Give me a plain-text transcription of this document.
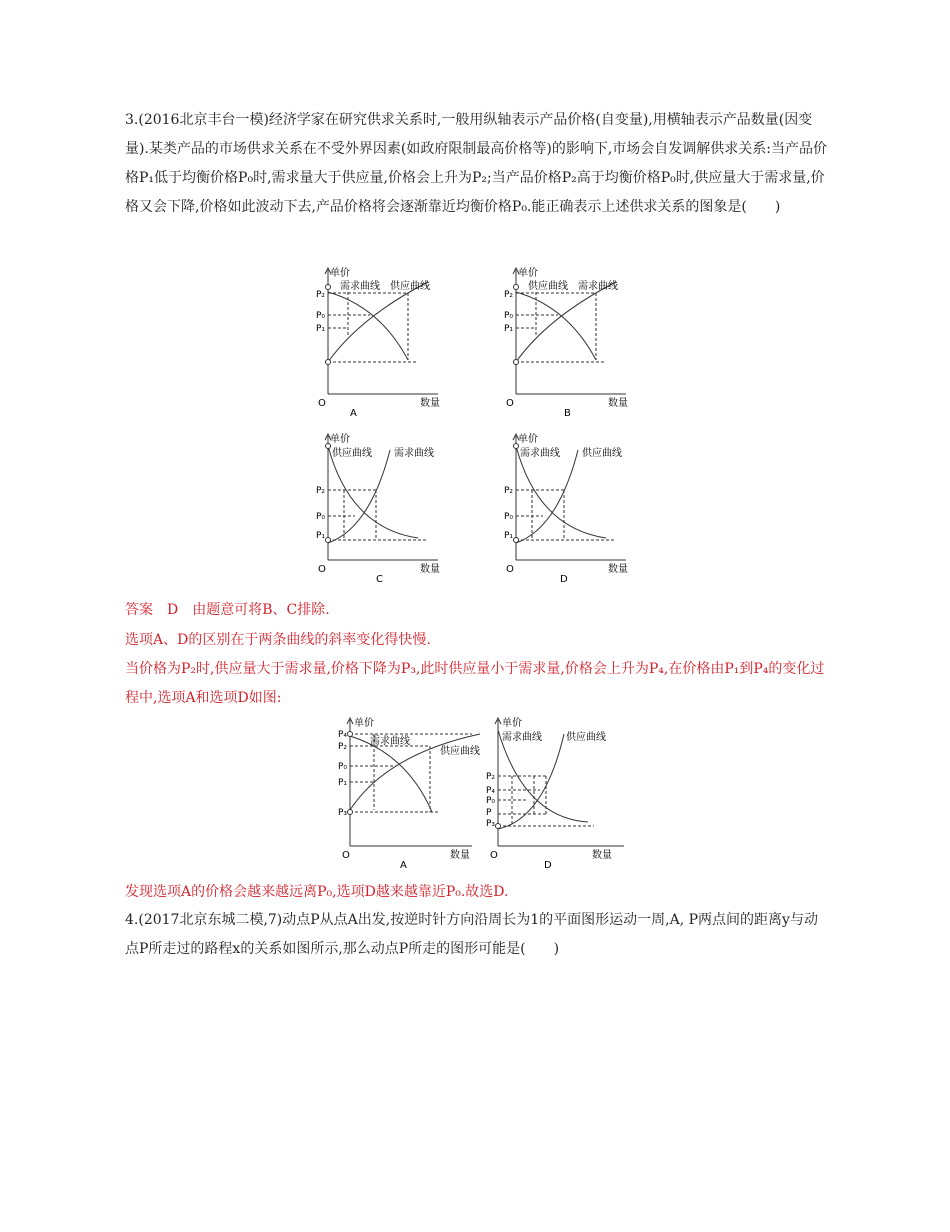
3.(2016北京丰台一模)经济学家在研究供求关系时,一般用纵轴表示产品价格(自变量),用横轴表示产品数量(因变量).某类产品的市场供求关系在不受外界因素(如政府限制最高价格等)的影响下,市场会自发调解供求关系:当产品价格P₁低于均衡价格P₀时,需求量大于供应量,价格会上升为P₂;当产品价格P₂高于均衡价格P₀时,供应量大于需求量,价格又会下降,价格如此波动下去,产品价格将会逐渐靠近均衡价格P₀.能正确表示上述供求关系的图象是(　　)
单价
需求曲线 供应曲线
P₂
P₀
P₁
O	数量
A
单价
供应曲线 需求曲线
P₂
P₀
P₁
O	数量
B
单价
供应曲线 需求曲线
P₂
P₀
P₁
O	数量
C
单价
需求曲线 供应曲线
P₂
P₀
P₁
O	数量
D
答案　D　由题意可将B、C排除.
选项A、D的区别在于两条曲线的斜率变化得快慢.
当价格为P₂时,供应量大于需求量,价格下降为P₃,此时供应量小于需求量,价格会上升为P₄,在价格由P₁到P₄的变化过程中,选项A和选项D如图:
单价
需求曲线
供应曲线
P₄
P₂
P₀
P₁
P₃
O	数量
A
单价
需求曲线 供应曲线
P₂
P₄
P₀
P
P₃
O	数量
D
发现选项A的价格会越来越远离P₀,选项D越来越靠近P₀.故选D.
4.(2017北京东城二模,7)动点P从点A出发,按逆时针方向沿周长为1的平面图形运动一周,A, P两点间的距离y与动点P所走过的路程x的关系如图所示,那么动点P所走的图形可能是(　　)
